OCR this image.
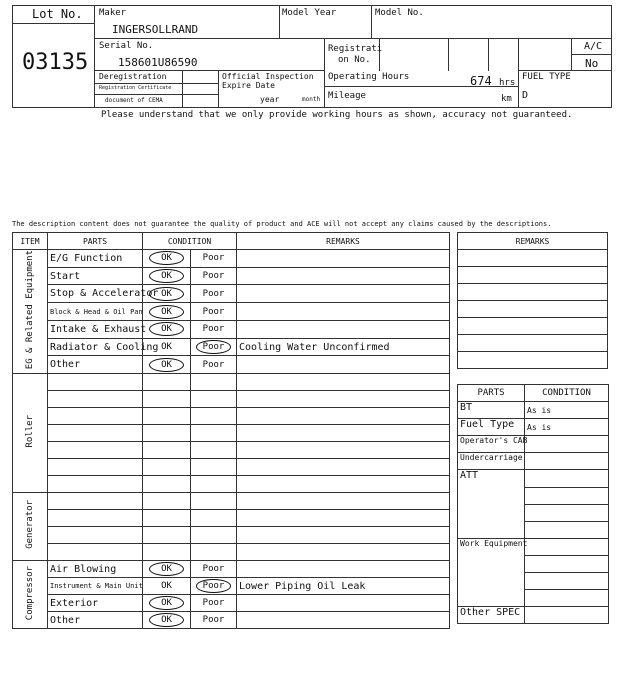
Lot No.
03135
Maker
INGERSOLLRAND
Model Year	Model No.
Serial No.
158601U86590
Registrati
on No.
A/C
No
Deregistration
Registration Certificate
document of CEMA
Official Inspection
Expire Date
year	month
Operating Hours	674 hrs
Mileage	km
FUEL TYPE
D
Please understand that we only provide working hours as shown, accuracy not guaranteed.
The description content does not guarantee the quality of product and ACE will not accept any claims caused by the descriptions.
ITEM	PARTS	CONDITION		REMARKS
EG & Related Equipment	E/G Function	OK	Poor	
	Start	OK	Poor	
	Stop & Accelerator	OK	Poor	
	Block & Head & Oil Pan	OK	Poor	
	Intake & Exhaust	OK	Poor	
	Radiator & Cooling	OK	Poor	Cooling Water Unconfirmed
	Other	OK	Poor	
Roller				

Generator				

Compressor	Air Blowing	OK	Poor	
	Instrument & Main Unit	OK	Poor	Lower Piping Oil Leak
	Exterior	OK	Poor	
	Other	OK	Poor	
REMARKS

PARTS	CONDITION
BT	As is
Fuel Type	As is
Operator's CAB	
Undercarriage	
ATT	

Work Equipment	

Other SPEC	
